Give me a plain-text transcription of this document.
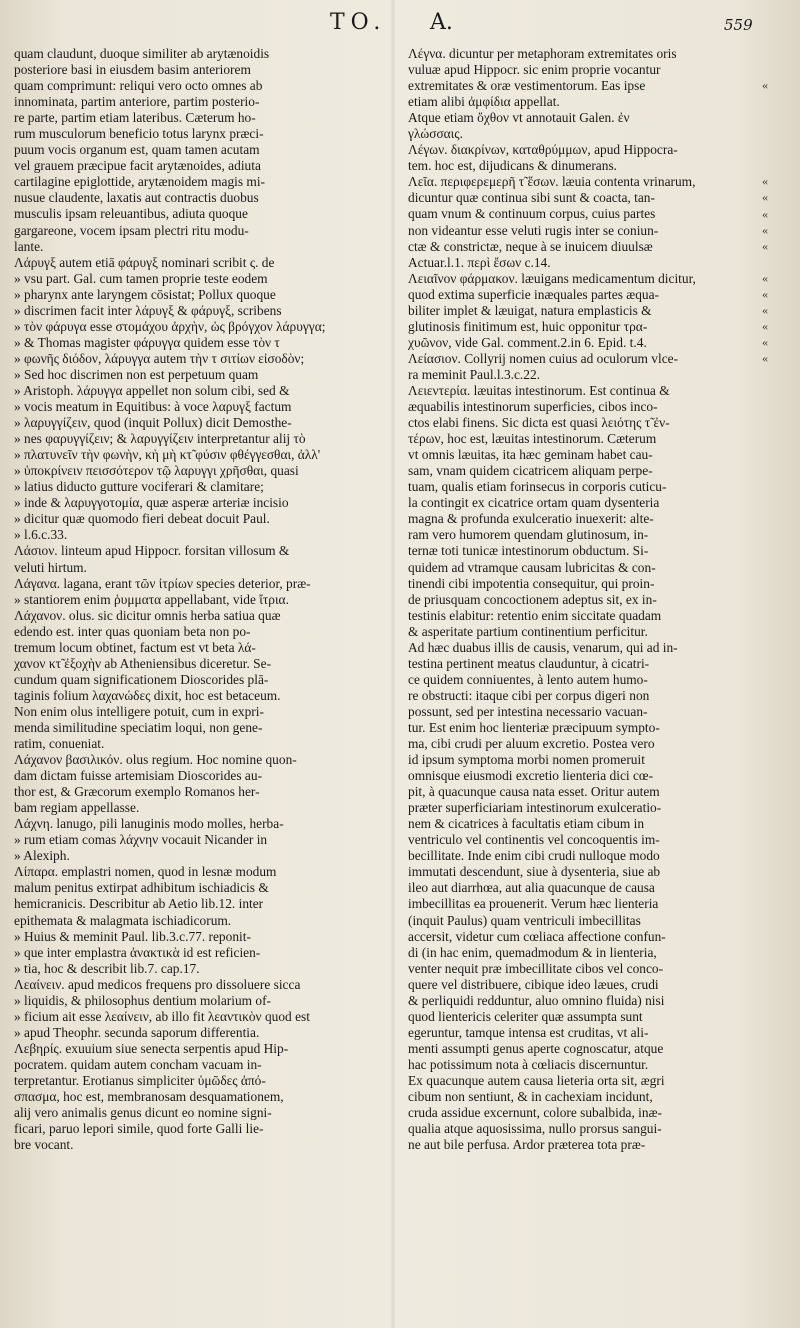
TO. A.	559
quam claudunt, duoque similiter ab arytænoidis
posteriore basi in eiusdem basim anteriorem
quam comprimunt: reliqui vero octo omnes ab
innominata, partim anteriore, partim posterio-
re parte, partim etiam lateribus. Cæterum ho-
rum musculorum beneficio totus larynx præci-
puum vocis organum est, quam tamen acutam
vel grauem præcipue facit arytænoides, adiuta
cartilagine epiglottide, arytænoidem magis mi-
nusue claudente, laxatis aut contractis duobus
musculis ipsam releuantibus, adiuta quoque
gargareone, vocem ipsam plectri ritu modu-
lante.
Λάρυγξ autem etiā φάρυγξ nominari scribit ς. de
» vsu part. Gal. cum tamen proprie teste eodem
» pharynx ante laryngem cōsistat; Pollux quoque
» discrimen facit inter λάρυγξ & φάρυγξ, scribens
» τὸν φάρυγα esse στομάχου ἀρχὴν, ὡς βρόγχον λάρυγγα;
» & Thomas magister φάρυγγα quidem esse τὸν τ
» φωνῆς διόδον, λάρυγγα autem τὴν τ σιτίων εἰσοδὸν;
» Sed hoc discrimen non est perpetuum quam
» Aristoph. λάρυγγα appellet non solum cibi, sed &
» vocis meatum in Equitibus: à voce λαρυγξ factum
» λαρυγγίζειν, quod (inquit Pollux) dicit Demosthe-
» nes φαρυγγίζειν; & λαρυγγίζειν interpretantur alij τὸ
» πλατυνεῖν τὴν φωνὴν, κὴ μὴ κτ̃ φύσιν φθέγγεσθαι, ἀλλ'
» ὑποκρίνειν πεισσότερον τῷ λαρυγγι χρῆσθαι, quasi
» latius diducto gutture vociferari & clamitare;
» inde & λαρυγγοτομία, quæ asperæ arteriæ incisio
» dicitur quæ quomodo fieri debeat docuit Paul.
» l.6.c.33.
Λάσιον. linteum apud Hippocr. forsitan villosum &
veluti hirtum.
Λάγανα. lagana, erant τῶν ἰτρίων species deterior, præ-
» stantiorem enim ῥυμματα appellabant, vide ἴτρια.
Λάχανον. olus. sic dicitur omnis herba satiua quæ
edendo est. inter quas quoniam beta non po-
tremum locum obtinet, factum est vt beta λά-
χανον κτ̃ ἐξοχὴν ab Atheniensibus diceretur. Se-
cundum quam significationem Dioscorides plā-
taginis folium λαχανώδες dixit, hoc est betaceum.
Non enim olus intelligere potuit, cum in expri-
menda similitudine speciatim loqui, non gene-
ratim, conueniat.
Λάχανον βασιλικόν. olus regium. Hoc nomine quon-
dam dictam fuisse artemisiam Dioscorides au-
thor est, & Græcorum exemplo Romanos her-
bam regiam appellasse.
Λάχνη. lanugo, pili lanuginis modo molles, herba-
» rum etiam comas λάχνην vocauit Nicander in
» Alexiph.
Λίπαρα. emplastri nomen, quod in lesnæ modum
malum penitus extirpat adhibitum ischiadicis &
hemicranicis. Describitur ab Aetio lib.12. inter
epithemata & malagmata ischiadicorum.
» Huius & meminit Paul. lib.3.c.77. reponit-
» que inter emplastra ἀνακτικὰ id est reficien-
» tia, hoc & describit lib.7. cap.17.
Λεαίνειν. apud medicos frequens pro dissoluere sicca
» liquidis, & philosophus dentium molarium of-
» ficium ait esse λεαίνειν, ab illo fit λεαντικὸν quod est
» apud Theophr. secunda saporum differentia.
Λεβηρίς. exuuium siue senecta serpentis apud Hip-
pocratem. quidam autem concham vacuam in-
terpretantur. Erotianus simpliciter ὑμῶδες ἀπό-
σπασμα, hoc est, membranosam desquamationem,
alij vero animalis genus dicunt eo nomine signi-
ficari, paruo lepori simile, quod forte Galli lie-
bre vocant.
Λέγνα. dicuntur per metaphoram extremitates oris
vuluæ apud Hippocr. sic enim proprie vocantur
extremitates & oræ vestimentorum. Eas ipse
etiam alibi ἀμφίδια appellat.
Atque etiam ὄχθον vt annotauit Galen. ἐν
γλώσσαις.
Λέγων. διακρίνων, καταθρύμμων, apud Hippocra-
tem. hoc est, dijudicans & dinumerans.
Λεῖα. περιφερεμερῆ τ̃ ἔσων. læuia contenta vrinarum,
dicuntur quæ continua sibi sunt & coacta, tan-
quam vnum & continuum corpus, cuius partes
non videantur esse veluti rugis inter se coniun-
ctæ & constrictæ, neque à se inuicem diuulsæ
Actuar.l.1. περὶ ἔσων c.14.
Λειαῖνον φάρμακον. læuigans medicamentum dicitur,
quod extima superficie inæquales partes æqua-
biliter implet & læuigat, natura emplasticis &
glutinosis finitimum est, huic opponitur τρα-
χυῶνον, vide Gal. comment.2.in 6. Epid. t.4.
Λείασιον. Collyrij nomen cuius ad oculorum vlce-
ra meminit Paul.l.3.c.22.
Λειεντερία. læuitas intestinorum. Est continua &
æquabilis intestinorum superficies, cibos inco-
ctos elabi finens. Sic dicta est quasi λειότης τ̃ ἐν-
τέρων, hoc est, læuitas intestinorum. Cæterum
vt omnis læuitas, ita hæc geminam habet cau-
sam, vnam quidem cicatricem aliquam perpe-
tuam, qualis etiam forinsecus in corporis cuticu-
la contingit ex cicatrice ortam quam dysenteria
magna & profunda exulceratio inuexerit: alte-
ram vero humorem quendam glutinosum, in-
ternæ toti tunicæ intestinorum obductum. Si-
quidem ad vtramque causam lubricitas & con-
tinendi cibi impotentia consequitur, qui proin-
de priusquam concoctionem adeptus sit, ex in-
testinis elabitur: retentio enim siccitate quadam
& asperitate partium continentium perficitur.
Ad hæc duabus illis de causis, venarum, qui ad in-
testina pertinent meatus clauduntur, à cicatri-
ce quidem conniuentes, à lento autem humo-
re obstructi: itaque cibi per corpus digeri non
possunt, sed per intestina necessario vacuan-
tur. Est enim hoc lienteriæ præcipuum sympto-
ma, cibi crudi per aluum excretio. Postea vero
id ipsum symptoma morbi nomen promeruit
omnisque eiusmodi excretio lienteria dici cœ-
pit, à quacunque causa nata esset. Oritur autem
præter superficiariam intestinorum exulceratio-
nem & cicatrices à facultatis etiam cibum in
ventriculo vel continentis vel concoquentis im-
becillitate. Inde enim cibi crudi nulloque modo
immutati descendunt, siue à dysenteria, siue ab
ileo aut diarrhœa, aut alia quacunque de causa
imbecillitas ea prouenerit. Verum hæc lienteria
(inquit Paulus) quam ventriculi imbecillitas
accersit, videtur cum cœliaca affectione confun-
di (in hac enim, quemadmodum & in lienteria,
venter nequit præ imbecillitate cibos vel conco-
quere vel distribuere, cibique ideo læues, crudi
& perliquidi redduntur, aluo omnino fluida) nisi
quod lientericis celeriter quæ assumpta sunt
egeruntur, tamque intensa est cruditas, vt ali-
menti assumpti genus aperte cognoscatur, atque
hac potissimum nota à cœliacis discernuntur.
Ex quacunque autem causa lieteria orta sit, ægri
cibum non sentiunt, & in cachexiam incidunt,
cruda assidue excernunt, colore subalbida, inæ-
qualia atque aquosissima, nullo prorsus sangui-
ne aut bile perfusa. Ardor præterea tota præ-
«
«
«
«
«
«
«
«
«
«
«
«
